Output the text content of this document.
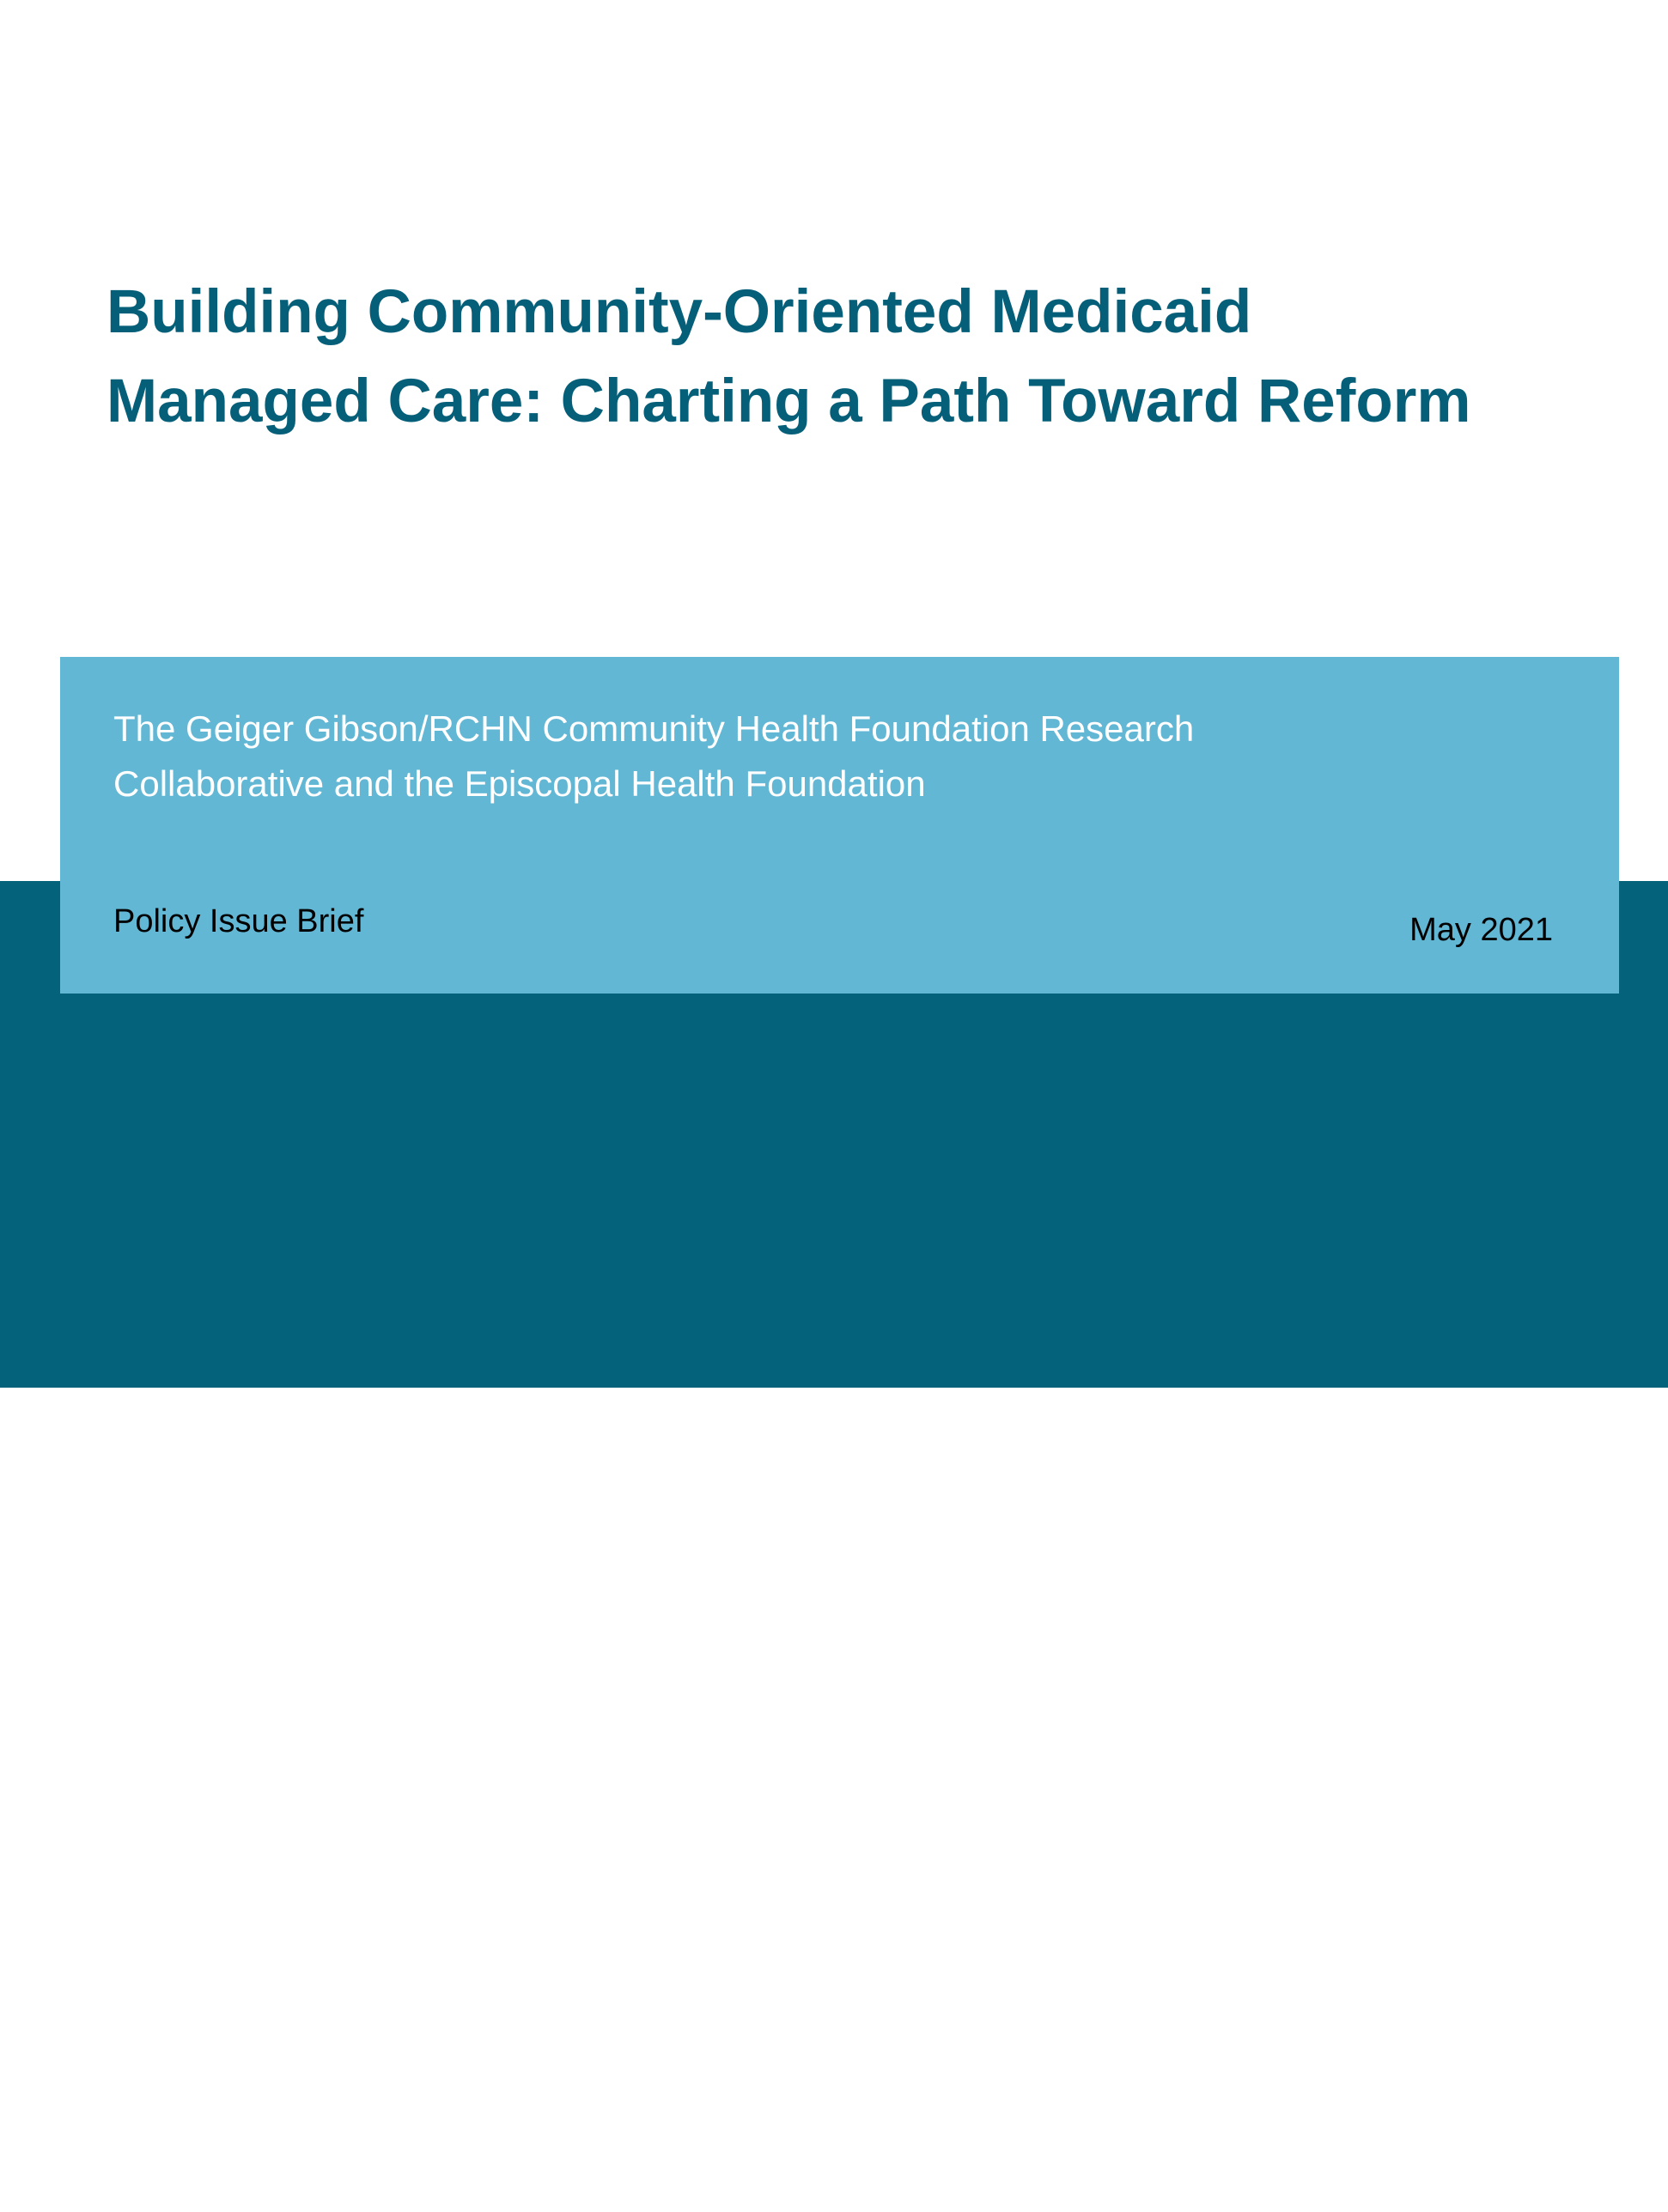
Building Community-Oriented Medicaid
Managed Care: Charting a Path Toward Reform
Sara Rosenbaum, JD
Caitlin Murphy, MPA-PNP
Morgan Handley, JD
Rebecca Morris, MPP
Peter Shin, PhD, MPH

The Geiger Gibson/RCHN Community Health Foundation Research
Collaborative and the Episcopal Health Foundation

Policy Issue Brief	May 2021
